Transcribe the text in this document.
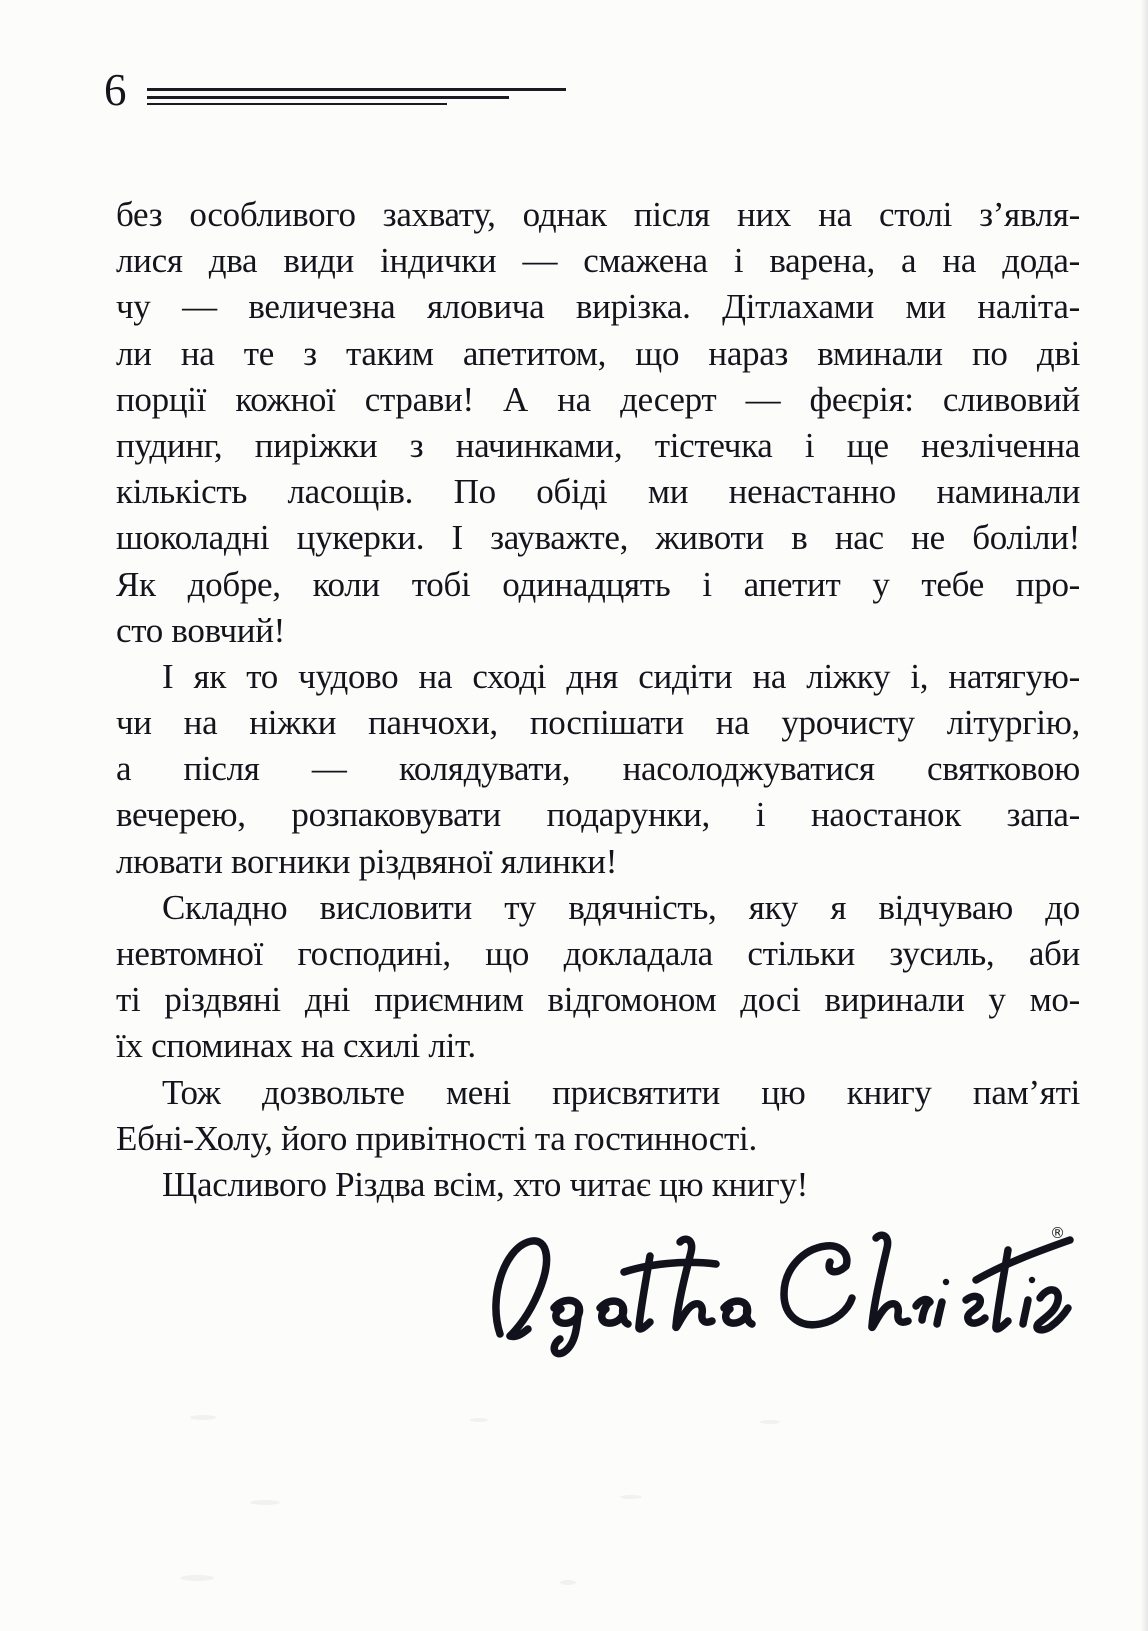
6
без особливого захвату, однак після них на столі з’явля-
лися два види індички — смажена і варена, а на дода-
чу — величезна яловича вирізка. Дітлахами ми наліта-
ли на те з таким апетитом, що нараз вминали по дві
порції кожної страви! А на десерт — феєрія: сливовий
пудинг, пиріжки з начинками, тістечка і ще незліченна
кількість ласощів. По обіді ми ненастанно наминали
шоколадні цукерки. І зауважте, животи в нас не боліли!
Як добре, коли тобі одинадцять і апетит у тебе про-
сто вовчий!
І як то чудово на сході дня сидіти на ліжку і, натягую-
чи на ніжки панчохи, поспішати на урочисту літургію,
а після — колядувати, насолоджуватися святковою
вечерею, розпаковувати подарунки, і наостанок запа-
лювати вогники різдвяної ялинки!
Складно висловити ту вдячність, яку я відчуваю до
невтомної господині, що докладала стільки зусиль, аби
ті різдвяні дні приємним відгомоном досі виринали у мо-
їх споминах на схилі літ.
Тож дозвольте мені присвятити цю книгу пам’яті
Ебні-Холу, його привітності та гостинності.
Щасливого Різдва всім, хто читає цю книгу!
®
